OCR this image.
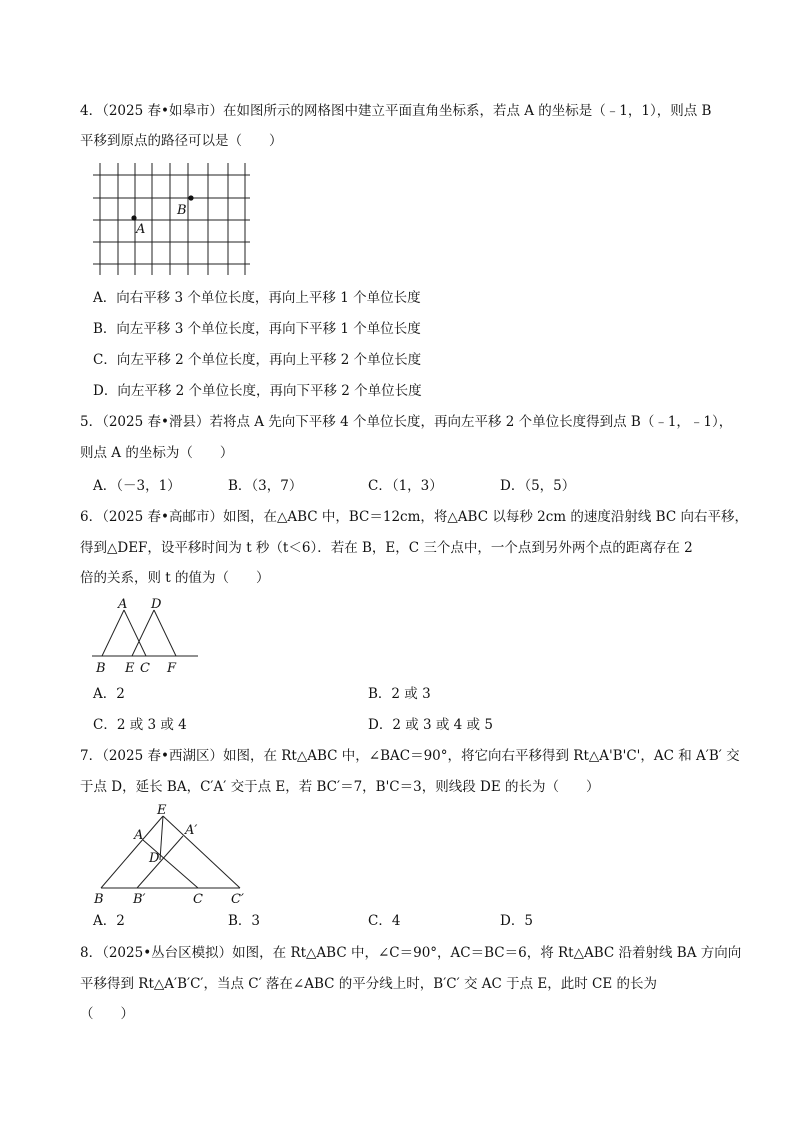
4．（2025 春•如皋市）在如图所示的网格图中建立平面直角坐标系，若点 A 的坐标是（﹣1，1），则点 B
平移到原点的路径可以是（　　）
A
B
A．向右平移 3 个单位长度，再向上平移 1 个单位长度
B．向左平移 3 个单位长度，再向下平移 1 个单位长度
C．向左平移 2 个单位长度，再向上平移 2 个单位长度
D．向左平移 2 个单位长度，再向下平移 2 个单位长度
5．（2025 春•滑县）若将点 A 先向下平移 4 个单位长度，再向左平移 2 个单位长度得到点 B（﹣1，﹣1），
则点 A 的坐标为（　　）
A．（－3，1）	B．（3，7）	C．（1，3）	D．（5，5）
6．（2025 春•高邮市）如图，在△ABC 中，BC＝12cm，将△ABC 以每秒 2cm 的速度沿射线 BC 向右平移，
得到△DEF，设平移时间为 t 秒（t＜6）．若在 B，E，C 三个点中，一个点到另外两个点的距离存在 2
倍的关系，则 t 的值为（　　）
A D
B E C F
A．2	B．2 或 3
C．2 或 3 或 4	D．2 或 3 或 4 或 5
7．（2025 春•西湖区）如图，在 Rt△ABC 中，∠BAC＝90°，将它向右平移得到 Rt△A'B'C'，AC 和 A′B′ 交
于点 D，延长 BA，C′A′ 交于点 E，若 BC′＝7，B'C＝3，则线段 DE 的长为（　　）
E
A	A′
D
B B′	C C′
A．2	B．3	C．4	D．5
8．（2025•丛台区模拟）如图，在 Rt△ABC 中，∠C＝90°，AC＝BC＝6，将 Rt△ABC 沿着射线 BA 方向向
平移得到 Rt△A′B′C′，当点 C′ 落在∠ABC 的平分线上时，B′C′ 交 AC 于点 E，此时 CE 的长为
（　　）
